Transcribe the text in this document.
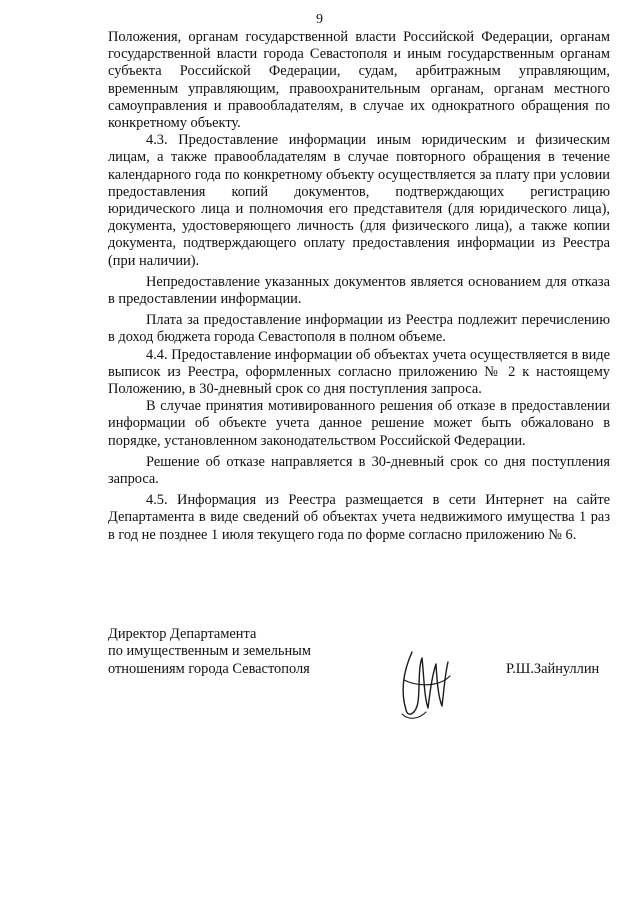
9

Положения, органам государственной власти Российской Федерации, органам государственной власти города Севастополя и иным государственным органам субъекта Российской Федерации, судам, арбитражным управляющим, временным управляющим, правоохранительным органам, органам местного самоуправления и правообладателям, в случае их однократного обращения по конкретному объекту.

4.3. Предоставление информации иным юридическим и физическим лицам, а также правообладателям в случае повторного обращения в течение календарного года по конкретному объекту осуществляется за плату при условии предоставления копий документов, подтверждающих регистрацию юридического лица и полномочия его представителя (для юридического лица), документа, удостоверяющего личность (для физического лица), а также копии документа, подтверждающего оплату предоставления информации из Реестра (при наличии).

Непредоставление указанных документов является основанием для отказа в предоставлении информации.

Плата за предоставление информации из Реестра подлежит перечислению в доход бюджета города Севастополя в полном объеме.

4.4. Предоставление информации об объектах учета осуществляется в виде выписок из Реестра, оформленных согласно приложению № 2 к настоящему Положению, в 30-дневный срок со дня поступления запроса.

В случае принятия мотивированного решения об отказе в предоставлении информации об объекте учета данное решение может быть обжаловано в порядке, установленном законодательством Российской Федерации.

Решение об отказе направляется в 30-дневный срок со дня поступления запроса.

4.5. Информация из Реестра размещается в сети Интернет на сайте Департамента в виде сведений об объектах учета недвижимого имущества 1 раз в год не позднее 1 июля текущего года по форме согласно приложению № 6.

Директор Департамента
по имущественным и земельным
отношениям города Севастополя	Р.Ш.Зайнуллин
